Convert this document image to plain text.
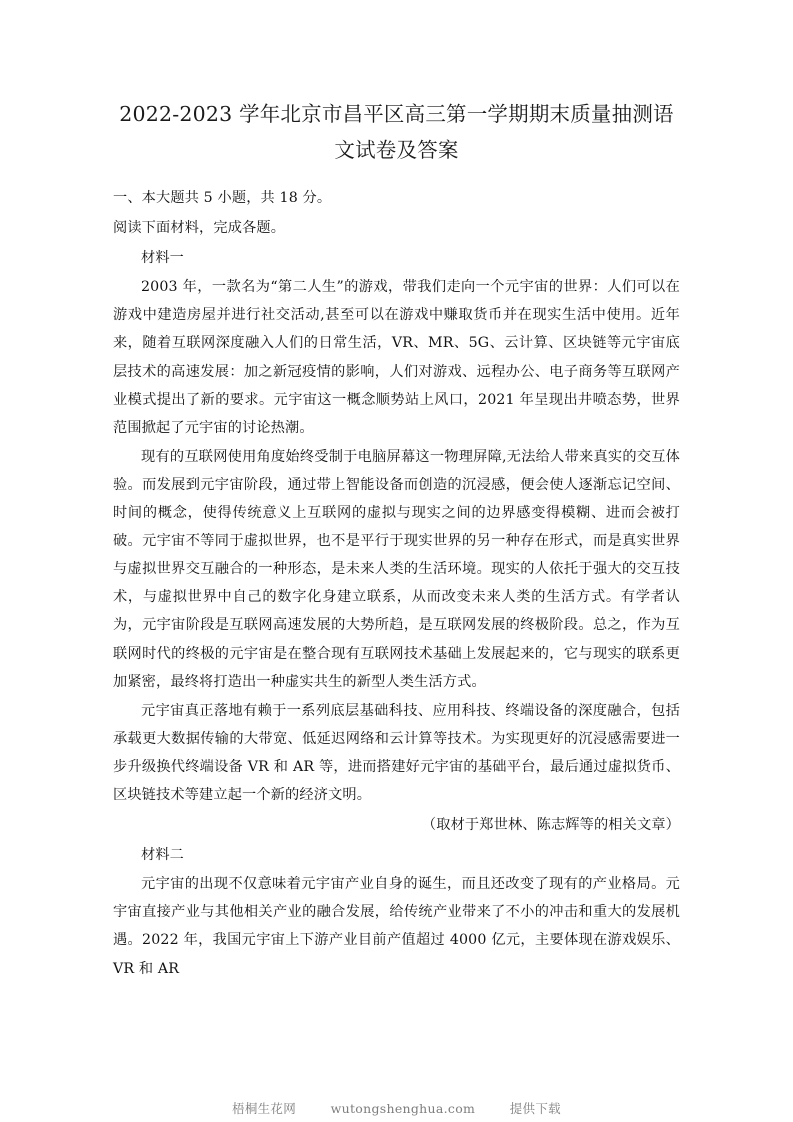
2022-2023 学年北京市昌平区高三第一学期期末质量抽测语文试卷及答案

一、本大题共 5 小题，共 18 分。

阅读下面材料，完成各题。

材料一

2003 年，一款名为“第二人生”的游戏，带我们走向一个元宇宙的世界：人们可以在游戏中建造房屋并进行社交活动,甚至可以在游戏中赚取货币并在现实生活中使用。近年来，随着互联网深度融入人们的日常生活，VR、MR、5G、云计算、区块链等元宇宙底层技术的高速发展：加之新冠疫情的影响，人们对游戏、远程办公、电子商务等互联网产业模式提出了新的要求。元宇宙这一概念顺势站上风口，2021 年呈现出井喷态势，世界范围掀起了元宇宙的讨论热潮。

现有的互联网使用角度始终受制于电脑屏幕这一物理屏障,无法给人带来真实的交互体验。而发展到元宇宙阶段，通过带上智能设备而创造的沉浸感，便会使人逐渐忘记空间、时间的概念，使得传统意义上互联网的虚拟与现实之间的边界感变得模糊、进而会被打破。元宇宙不等同于虚拟世界，也不是平行于现实世界的另一种存在形式，而是真实世界与虚拟世界交互融合的一种形态，是未来人类的生活环境。现实的人依托于强大的交互技术，与虚拟世界中自己的数字化身建立联系，从而改变未来人类的生活方式。有学者认为，元宇宙阶段是互联网高速发展的大势所趋，是互联网发展的终极阶段。总之，作为互联网时代的终极的元宇宙是在整合现有互联网技术基础上发展起来的，它与现实的联系更加紧密，最终将打造出一种虚实共生的新型人类生活方式。

元宇宙真正落地有赖于一系列底层基础科技、应用科技、终端设备的深度融合，包括承载更大数据传输的大带宽、低延迟网络和云计算等技术。为实现更好的沉浸感需要进一步升级换代终端设备 VR 和 AR 等，进而搭建好元宇宙的基础平台，最后通过虚拟货币、区块链技术等建立起一个新的经济文明。

（取材于郑世林、陈志辉等的相关文章）

材料二

元宇宙的出现不仅意味着元宇宙产业自身的诞生，而且还改变了现有的产业格局。元宇宙直接产业与其他相关产业的融合发展，给传统产业带来了不小的冲击和重大的发展机遇。2022 年，我国元宇宙上下游产业目前产值超过 4000 亿元，主要体现在游戏娱乐、VR 和 AR

梧桐生花网	wutongshenghua.com	提供下载
